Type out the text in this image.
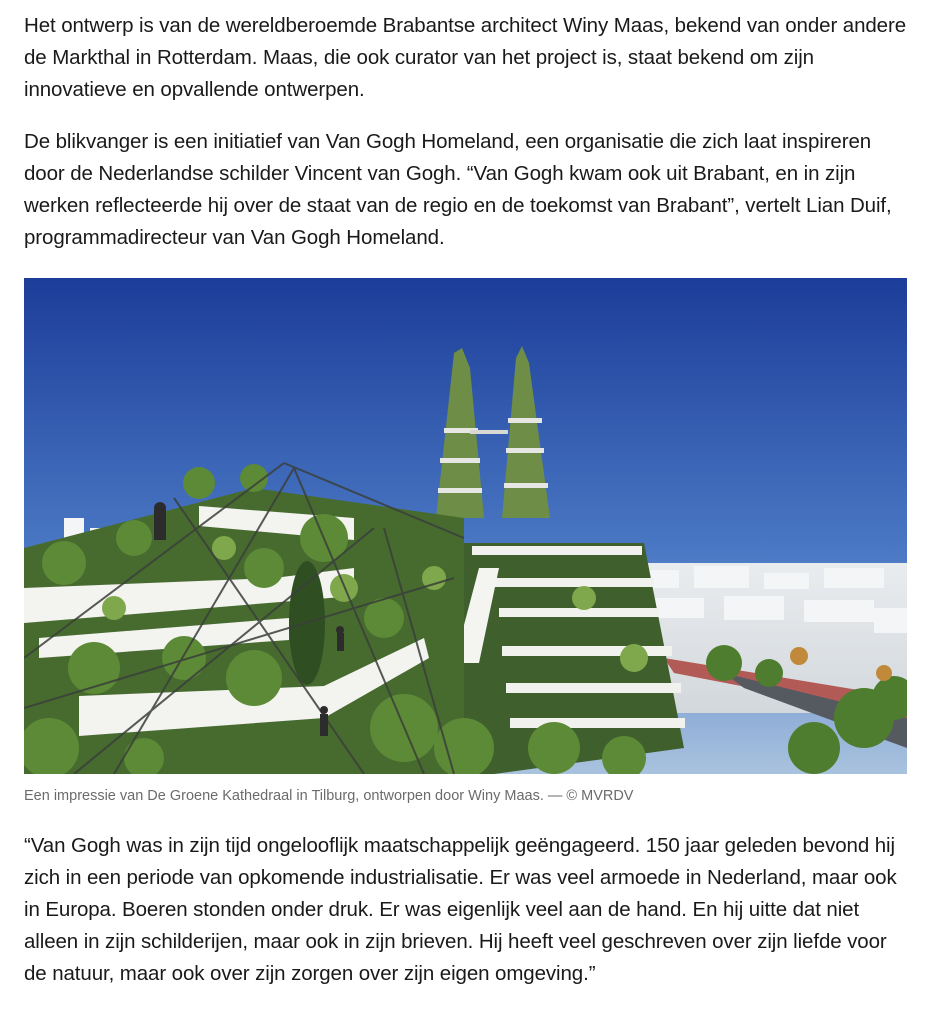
Het ontwerp is van de wereldberoemde Brabantse architect Winy Maas, bekend van onder andere de Markthal in Rotterdam. Maas, die ook curator van het project is, staat bekend om zijn innovatieve en opvallende ontwerpen.

De blikvanger is een initiatief van Van Gogh Homeland, een organisatie die zich laat inspireren door de Nederlandse schilder Vincent van Gogh. “Van Gogh kwam ook uit Brabant, en in zijn werken reflecteerde hij over de staat van de regio en de toekomst van Brabant”, vertelt Lian Duif, programmadirecteur van Van Gogh Homeland.

Een impressie van De Groene Kathedraal in Tilburg, ontworpen door Winy Maas. — © MVRDV

“Van Gogh was in zijn tijd ongelooflijk maatschappelijk geëngageerd. 150 jaar geleden bevond hij zich in een periode van opkomende industrialisatie. Er was veel armoede in Nederland, maar ook in Europa. Boeren stonden onder druk. Er was eigenlijk veel aan de hand. En hij uitte dat niet alleen in zijn schilderijen, maar ook in zijn brieven. Hij heeft veel geschreven over zijn liefde voor de natuur, maar ook over zijn zorgen over zijn eigen omgeving.”
